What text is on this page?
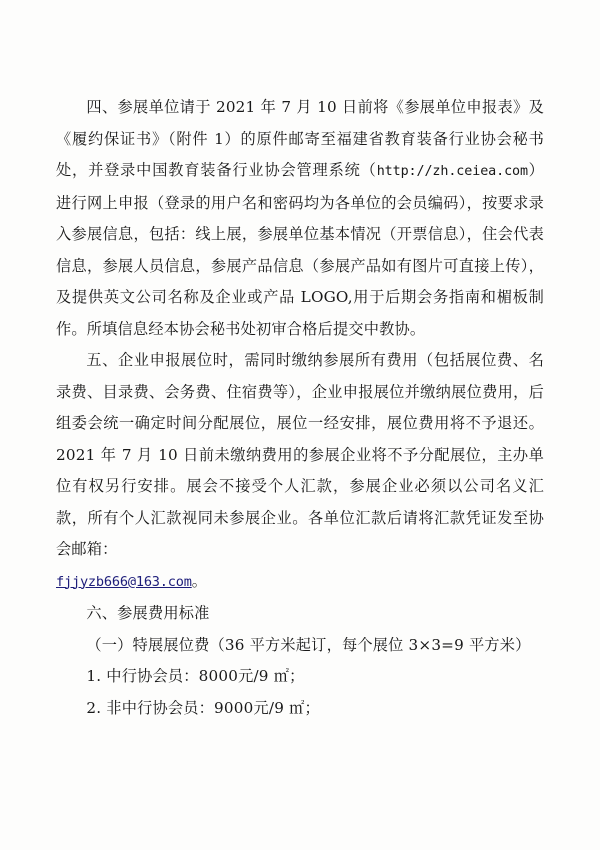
四、参展单位请于 2021 年 7 月 10 日前将《参展单位申报表》及《履约保证书》（附件 1）的原件邮寄至福建省教育装备行业协会秘书处，并登录中国教育装备行业协会管理系统（http://zh.ceiea.com）进行网上申报（登录的用户名和密码均为各单位的会员编码），按要求录入参展信息，包括：线上展，参展单位基本情况（开票信息），住会代表信息，参展人员信息，参展产品信息（参展产品如有图片可直接上传），及提供英文公司名称及企业或产品 LOGO,用于后期会务指南和楣板制作。所填信息经本协会秘书处初审合格后提交中教协。

五、企业申报展位时，需同时缴纳参展所有费用（包括展位费、名录费、目录费、会务费、住宿费等），企业申报展位并缴纳展位费用，后组委会统一确定时间分配展位，展位一经安排，展位费用将不予退还。2021 年 7 月 10 日前未缴纳费用的参展企业将不予分配展位，主办单位有权另行安排。展会不接受个人汇款，参展企业必须以公司名义汇款，所有个人汇款视同未参展企业。各单位汇款后请将汇款凭证发至协会邮箱：

fjjyzb666@163.com。

六、参展费用标准

（一）特展展位费（36 平方米起订，每个展位 3×3=9 平方米）

1. 中行协会员：8000元/9 ㎡；

2. 非中行协会员：9000元/9 ㎡；
